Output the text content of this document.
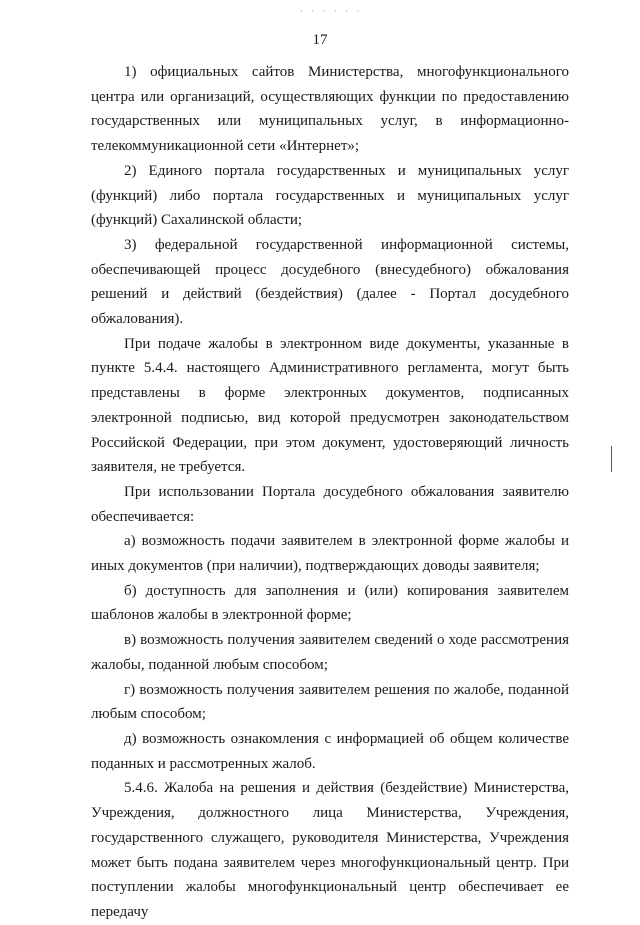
· · · · · ·
17

1) официальных сайтов Министерства, многофункционального центра или организаций, осуществляющих функции по предоставлению государственных или муниципальных услуг, в информационно-телекоммуникационной сети «Интернет»;

2) Единого портала государственных и муниципальных услуг (функций) либо портала государственных и муниципальных услуг (функций) Сахалинской области;

3) федеральной государственной информационной системы, обеспечивающей процесс досудебного (внесудебного) обжалования решений и действий (бездействия) (далее - Портал досудебного обжалования).

При подаче жалобы в электронном виде документы, указанные в пункте 5.4.4. настоящего Административного регламента, могут быть представлены в форме электронных документов, подписанных электронной подписью, вид которой предусмотрен законодательством Российской Федерации, при этом документ, удостоверяющий личность заявителя, не требуется.

При использовании Портала досудебного обжалования заявителю обеспечивается:

а) возможность подачи заявителем в электронной форме жалобы и иных документов (при наличии), подтверждающих доводы заявителя;

б) доступность для заполнения и (или) копирования заявителем шаблонов жалобы в электронной форме;

в) возможность получения заявителем сведений о ходе рассмотрения жалобы, поданной любым способом;

г) возможность получения заявителем решения по жалобе, поданной любым способом;

д) возможность ознакомления с информацией об общем количестве поданных и рассмотренных жалоб.

5.4.6. Жалоба на решения и действия (бездействие) Министерства, Учреждения, должностного лица Министерства, Учреждения, государственного служащего, руководителя Министерства, Учреждения может быть подана заявителем через многофункциональный центр. При поступлении жалобы многофункциональный центр обеспечивает ее передачу
